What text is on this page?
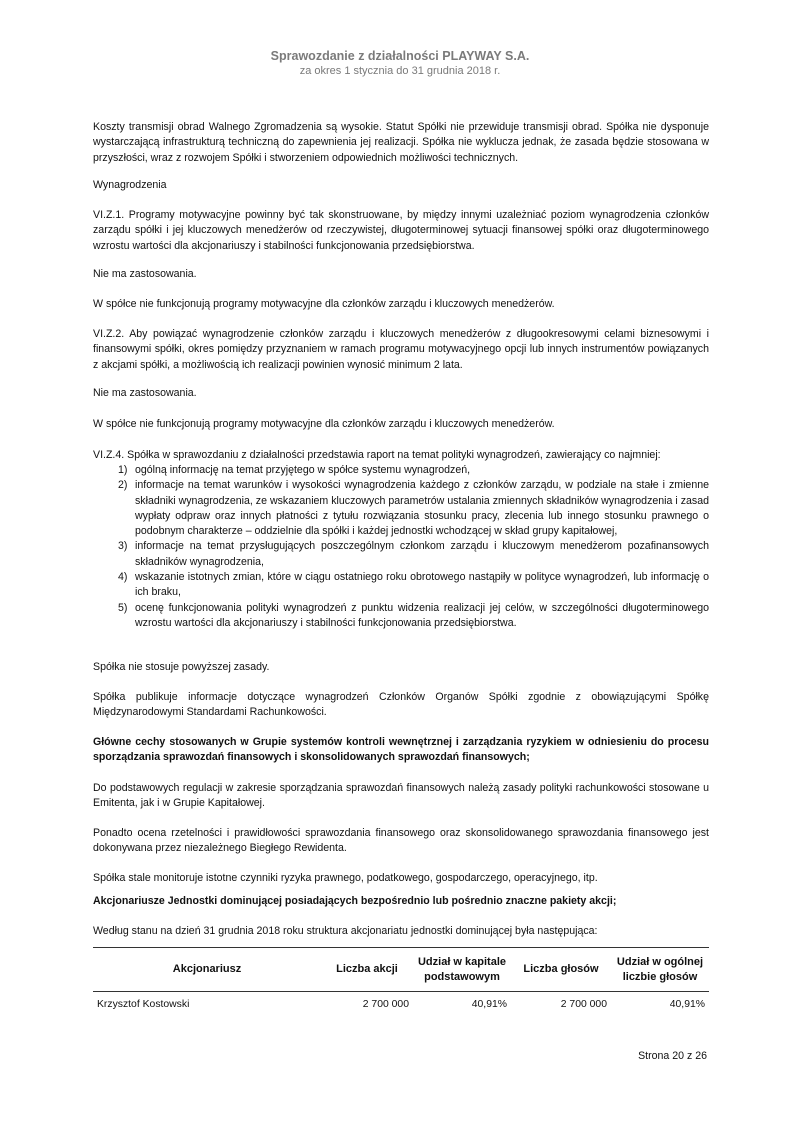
Sprawozdanie z działalności PLAYWAY S.A.
za okres 1 stycznia do 31 grudnia 2018 r.

Koszty transmisji obrad Walnego Zgromadzenia są wysokie. Statut Spółki nie przewiduje transmisji obrad. Spółka nie dysponuje wystarczającą infrastrukturą techniczną do zapewnienia jej realizacji. Spółka nie wyklucza jednak, że zasada będzie stosowana w przyszłości, wraz z rozwojem Spółki i stworzeniem odpowiednich możliwości technicznych.

Wynagrodzenia

VI.Z.1. Programy motywacyjne powinny być tak skonstruowane, by między innymi uzależniać poziom wynagrodzenia członków zarządu spółki i jej kluczowych menedżerów od rzeczywistej, długoterminowej sytuacji finansowej spółki oraz długoterminowego wzrostu wartości dla akcjonariuszy i stabilności funkcjonowania przedsiębiorstwa.

Nie ma zastosowania.

W spółce nie funkcjonują programy motywacyjne dla członków zarządu i kluczowych menedżerów.

VI.Z.2. Aby powiązać wynagrodzenie członków zarządu i kluczowych menedżerów z długookresowymi celami biznesowymi i finansowymi spółki, okres pomiędzy przyznaniem w ramach programu motywacyjnego opcji lub innych instrumentów powiązanych z akcjami spółki, a możliwością ich realizacji powinien wynosić minimum 2 lata.

Nie ma zastosowania.

W spółce nie funkcjonują programy motywacyjne dla członków zarządu i kluczowych menedżerów.

VI.Z.4. Spółka w sprawozdaniu z działalności przedstawia raport na temat polityki wynagrodzeń, zawierający co najmniej:

1) ogólną informację na temat przyjętego w spółce systemu wynagrodzeń,
2) informacje na temat warunków i wysokości wynagrodzenia każdego z członków zarządu, w podziale na stałe i zmienne składniki wynagrodzenia, ze wskazaniem kluczowych parametrów ustalania zmiennych składników wynagrodzenia i zasad wypłaty odpraw oraz innych płatności z tytułu rozwiązania stosunku pracy, zlecenia lub innego stosunku prawnego o podobnym charakterze – oddzielnie dla spółki i każdej jednostki wchodzącej w skład grupy kapitałowej,
3) informacje na temat przysługujących poszczególnym członkom zarządu i kluczowym menedżerom pozafinansowych składników wynagrodzenia,
4) wskazanie istotnych zmian, które w ciągu ostatniego roku obrotowego nastąpiły w polityce wynagrodzeń, lub informację o ich braku,
5) ocenę funkcjonowania polityki wynagrodzeń z punktu widzenia realizacji jej celów, w szczególności długoterminowego wzrostu wartości dla akcjonariuszy i stabilności funkcjonowania przedsiębiorstwa.

Spółka nie stosuje powyższej zasady.

Spółka publikuje informacje dotyczące wynagrodzeń Członków Organów Spółki zgodnie z obowiązującymi Spółkę Międzynarodowymi Standardami Rachunkowości.

Główne cechy stosowanych w Grupie systemów kontroli wewnętrznej i zarządzania ryzykiem w odniesieniu do procesu sporządzania sprawozdań finansowych i skonsolidowanych sprawozdań finansowych;

Do podstawowych regulacji w zakresie sporządzania sprawozdań finansowych należą zasady polityki rachunkowości stosowane u Emitenta, jak i w Grupie Kapitałowej.

Ponadto ocena rzetelności i prawidłowości sprawozdania finansowego oraz skonsolidowanego sprawozdania finansowego jest dokonywana przez niezależnego Biegłego Rewidenta.

Spółka stale monitoruje istotne czynniki ryzyka prawnego, podatkowego, gospodarczego, operacyjnego, itp.

Akcjonariusze Jednostki dominującej posiadających bezpośrednio lub pośrednio znaczne pakiety akcji;

Według stanu na dzień 31 grudnia 2018 roku struktura akcjonariatu jednostki dominującej była następująca:

Akcjonariusz	Liczba akcji	Udział w kapitale podstawowym	Liczba głosów	Udział w ogólnej liczbie głosów
Krzysztof Kostowski	2 700 000	40,91%	2 700 000	40,91%
Strona 20 z 26
